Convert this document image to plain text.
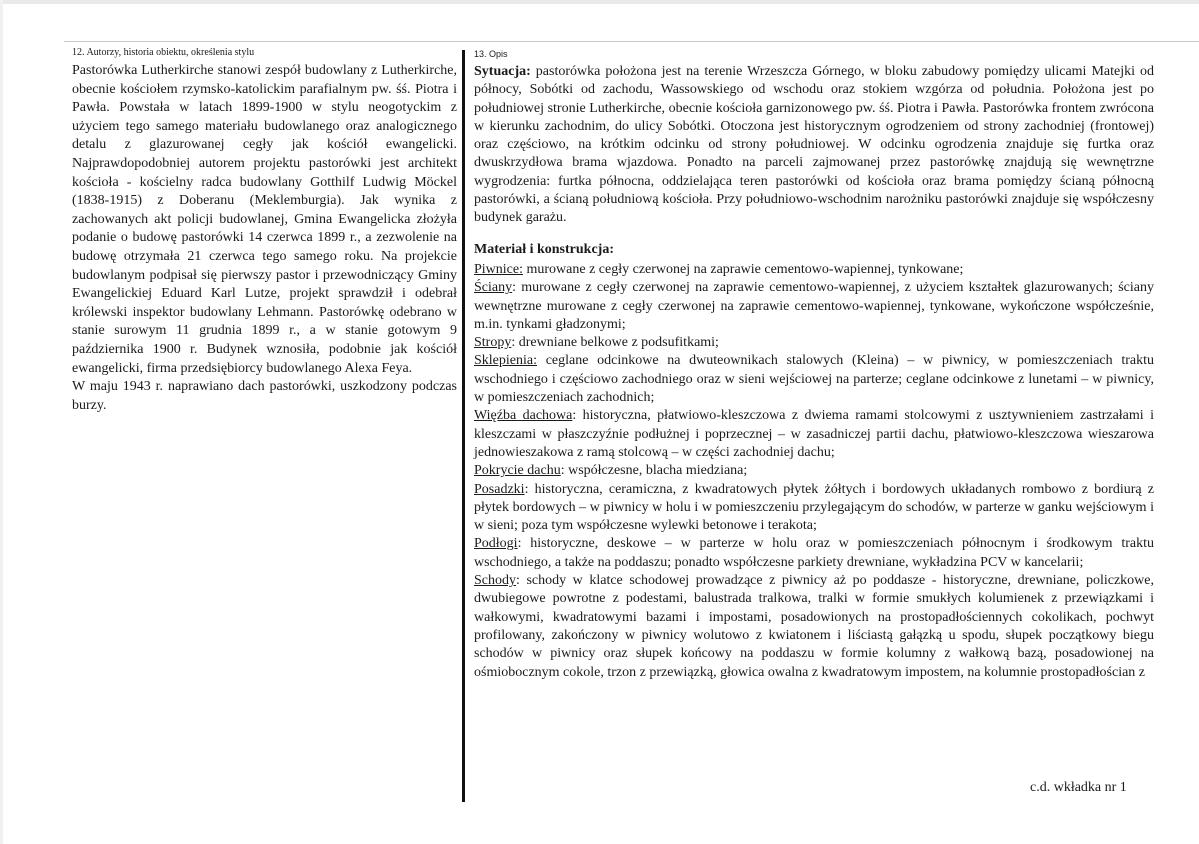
12. Autorzy, historia obiektu, określenia stylu

Pastorówka Lutherkirche stanowi zespół budowlany z Lutherkirche, obecnie kościołem rzymsko-katolickim parafialnym pw. śś. Piotra i Pawła. Powstała w latach 1899-1900 w stylu neogotyckim z użyciem tego samego materiału budowlanego oraz analogicznego detalu z glazurowanej cegły jak kościół ewangelicki. Najprawdopodobniej autorem projektu pastorówki jest architekt kościoła - kościelny radca budowlany Gotthilf Ludwig Möckel (1838-1915) z Doberanu (Meklemburgia). Jak wynika z zachowanych akt policji budowlanej, Gmina Ewangelicka złożyła podanie o budowę pastorówki 14 czerwca 1899 r., a zezwolenie na budowę otrzymała 21 czerwca tego samego roku. Na projekcie budowlanym podpisał się pierwszy pastor i przewodniczący Gminy Ewangelickiej Eduard Karl Lutze, projekt sprawdził i odebrał królewski inspektor budowlany Lehmann. Pastorówkę odebrano w stanie surowym 11 grudnia 1899 r., a w stanie gotowym 9 października 1900 r. Budynek wznosiła, podobnie jak kościół ewangelicki, firma przedsiębiorcy budowlanego Alexa Feya.

W maju 1943 r. naprawiano dach pastorówki, uszkodzony podczas burzy.

13. Opis

Sytuacja: pastorówka położona jest na terenie Wrzeszcza Górnego, w bloku zabudowy pomiędzy ulicami Matejki od północy, Sobótki od zachodu, Wassowskiego od wschodu oraz stokiem wzgórza od południa. Położona jest po południowej stronie Lutherkirche, obecnie kościoła garnizonowego pw. śś. Piotra i Pawła. Pastorówka frontem zwrócona w kierunku zachodnim, do ulicy Sobótki. Otoczona jest historycznym ogrodzeniem od strony zachodniej (frontowej) oraz częściowo, na krótkim odcinku od strony południowej. W odcinku ogrodzenia znajduje się furtka oraz dwuskrzydłowa brama wjazdowa. Ponadto na parceli zajmowanej przez pastorówkę znajdują się wewnętrzne wygrodzenia: furtka północna, oddzielająca teren pastorówki od kościoła oraz brama pomiędzy ścianą północną pastorówki, a ścianą południową kościoła. Przy południowo-wschodnim narożniku pastorówki znajduje się współczesny budynek garażu.

Materiał i konstrukcja:

Piwnice: murowane z cegły czerwonej na zaprawie cementowo-wapiennej, tynkowane;

Ściany: murowane z cegły czerwonej na zaprawie cementowo-wapiennej, z użyciem kształtek glazurowanych; ściany wewnętrzne murowane z cegły czerwonej na zaprawie cementowo-wapiennej, tynkowane, wykończone współcześnie, m.in. tynkami gładzonymi;

Stropy: drewniane belkowe z podsufitkami;

Sklepienia: ceglane odcinkowe na dwuteownikach stalowych (Kleina) – w piwnicy, w pomieszczeniach traktu wschodniego i częściowo zachodniego oraz w sieni wejściowej na parterze; ceglane odcinkowe z lunetami – w piwnicy, w pomieszczeniach zachodnich;

Więźba dachowa: historyczna, płatwiowo-kleszczowa z dwiema ramami stolcowymi z usztywnieniem zastrzałami i kleszczami w płaszczyźnie podłużnej i poprzecznej – w zasadniczej partii dachu, płatwiowo-kleszczowa wieszarowa jednowieszakowa z ramą stolcową – w części zachodniej dachu;

Pokrycie dachu: współczesne, blacha miedziana;

Posadzki: historyczna, ceramiczna, z kwadratowych płytek żółtych i bordowych układanych rombowo z bordiurą z płytek bordowych – w piwnicy w holu i w pomieszczeniu przylegającym do schodów, w parterze w ganku wejściowym i w sieni; poza tym współczesne wylewki betonowe i terakota;

Podłogi: historyczne, deskowe – w parterze w holu oraz w pomieszczeniach północnym i środkowym traktu wschodniego, a także na poddaszu; ponadto współczesne parkiety drewniane, wykładzina PCV w kancelarii;

Schody: schody w klatce schodowej prowadzące z piwnicy aż po poddasze - historyczne, drewniane, policzkowe, dwubiegowe powrotne z podestami, balustrada tralkowa, tralki w formie smukłych kolumienek z przewiązkami i wałkowymi, kwadratowymi bazami i impostami, posadowionych na prostopadłościennych cokolikach, pochwyt profilowany, zakończony w piwnicy wolutowo z kwiatonem i liściastą gałązką u spodu, słupek początkowy biegu schodów w piwnicy oraz słupek końcowy na poddaszu w formie kolumny z wałkową bazą, posadowionej na ośmiobocznym cokole, trzon z przewiązką, głowica owalna z kwadratowym impostem, na kolumnie prostopadłościan z

c.d. wkładka nr 1
